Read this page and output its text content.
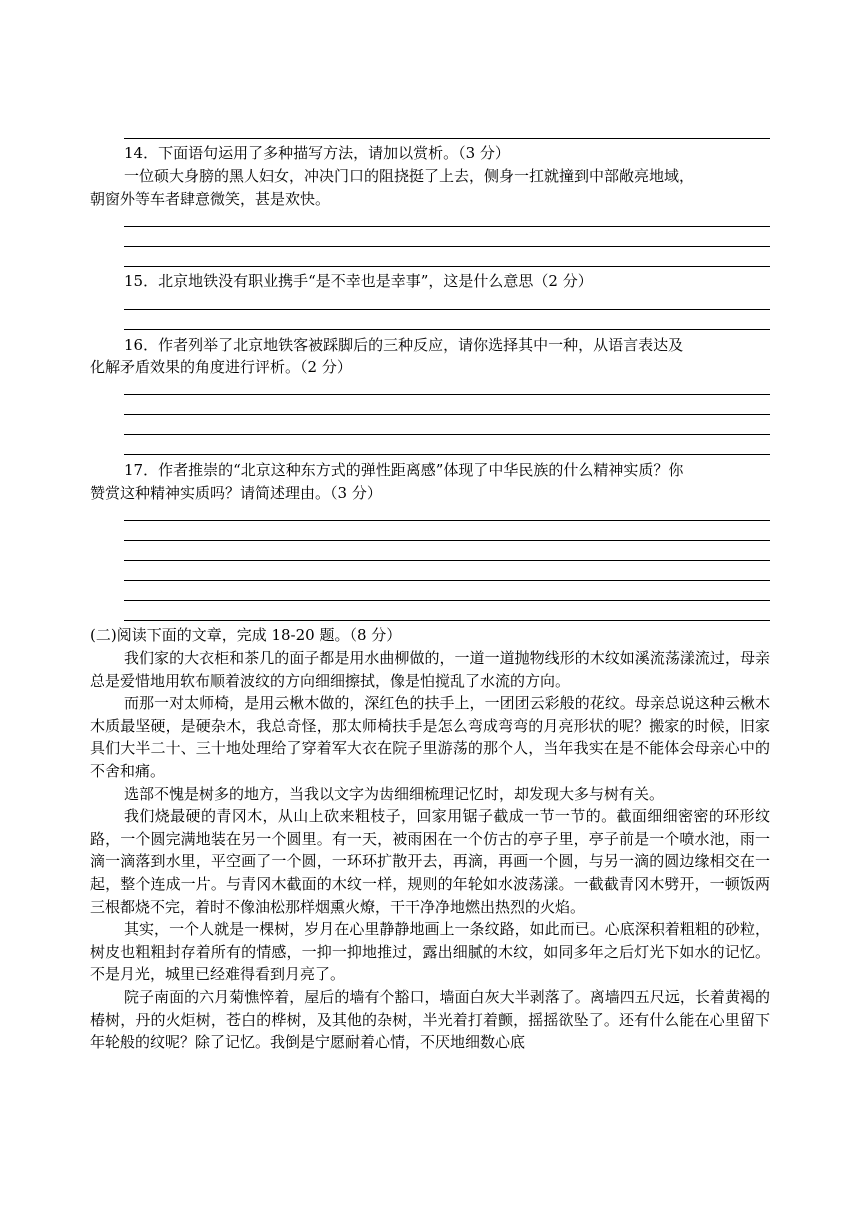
14．下面语句运用了多种描写方法，请加以赏析。（3 分）
一位硕大身膀的黑人妇女，冲决门口的阻挠挺了上去，侧身一扛就撞到中部敞亮地域，
朝窗外等车者肆意微笑，甚是欢快。
15．北京地铁没有职业携手“是不幸也是幸事”，这是什么意思（2 分）
16．作者列举了北京地铁客被踩脚后的三种反应，请你选择其中一种，从语言表达及
化解矛盾效果的角度进行评析。（2 分）
17．作者推崇的“北京这种东方式的弹性距离感”体现了中华民族的什么精神实质？你
赞赏这种精神实质吗？请简述理由。（3 分）
(二)阅读下面的文章，完成 18-20 题。（8 分）

我们家的大衣柜和茶几的面子都是用水曲柳做的，一道一道抛物线形的木纹如溪流荡漾流过，母亲总是爱惜地用软布顺着波纹的方向细细擦拭，像是怕搅乱了水流的方向。

而那一对太师椅，是用云楸木做的，深红色的扶手上，一团团云彩般的花纹。母亲总说这种云楸木木质最坚硬，是硬杂木，我总奇怪，那太师椅扶手是怎么弯成弯弯的月亮形状的呢？搬家的时候，旧家具们大半二十、三十地处理给了穿着军大衣在院子里游荡的那个人，当年我实在是不能体会母亲心中的不舍和痛。

选部不愧是树多的地方，当我以文字为齿细细梳理记忆时，却发现大多与树有关。

我们烧最硬的青冈木，从山上砍来粗枝子，回家用锯子截成一节一节的。截面细细密密的环形纹路，一个圆完满地装在另一个圆里。有一天，被雨困在一个仿古的亭子里，亭子前是一个喷水池，雨一滴一滴落到水里，平空画了一个圆，一环环扩散开去，再滴，再画一个圆，与另一滴的圆边缘相交在一起，整个连成一片。与青冈木截面的木纹一样，规则的年轮如水波荡漾。一截截青冈木劈开，一顿饭两三根都烧不完，着时不像油松那样烟熏火燎，干干净净地燃出热烈的火焰。

其实，一个人就是一棵树，岁月在心里静静地画上一条纹路，如此而已。心底深积着粗粗的砂粒，树皮也粗粗封存着所有的情感，一抑一抑地推过，露出细腻的木纹，如同多年之后灯光下如水的记忆。不是月光，城里已经难得看到月亮了。

院子南面的六月菊憔悴着，屋后的墙有个豁口，墙面白灰大半剥落了。离墙四五尺远，长着黄褐的椿树，丹的火炬树，苍白的桦树，及其他的杂树，半光着打着颤，摇摇欲坠了。还有什么能在心里留下年轮般的纹呢？除了记忆。我倒是宁愿耐着心情，不厌地细数心底
